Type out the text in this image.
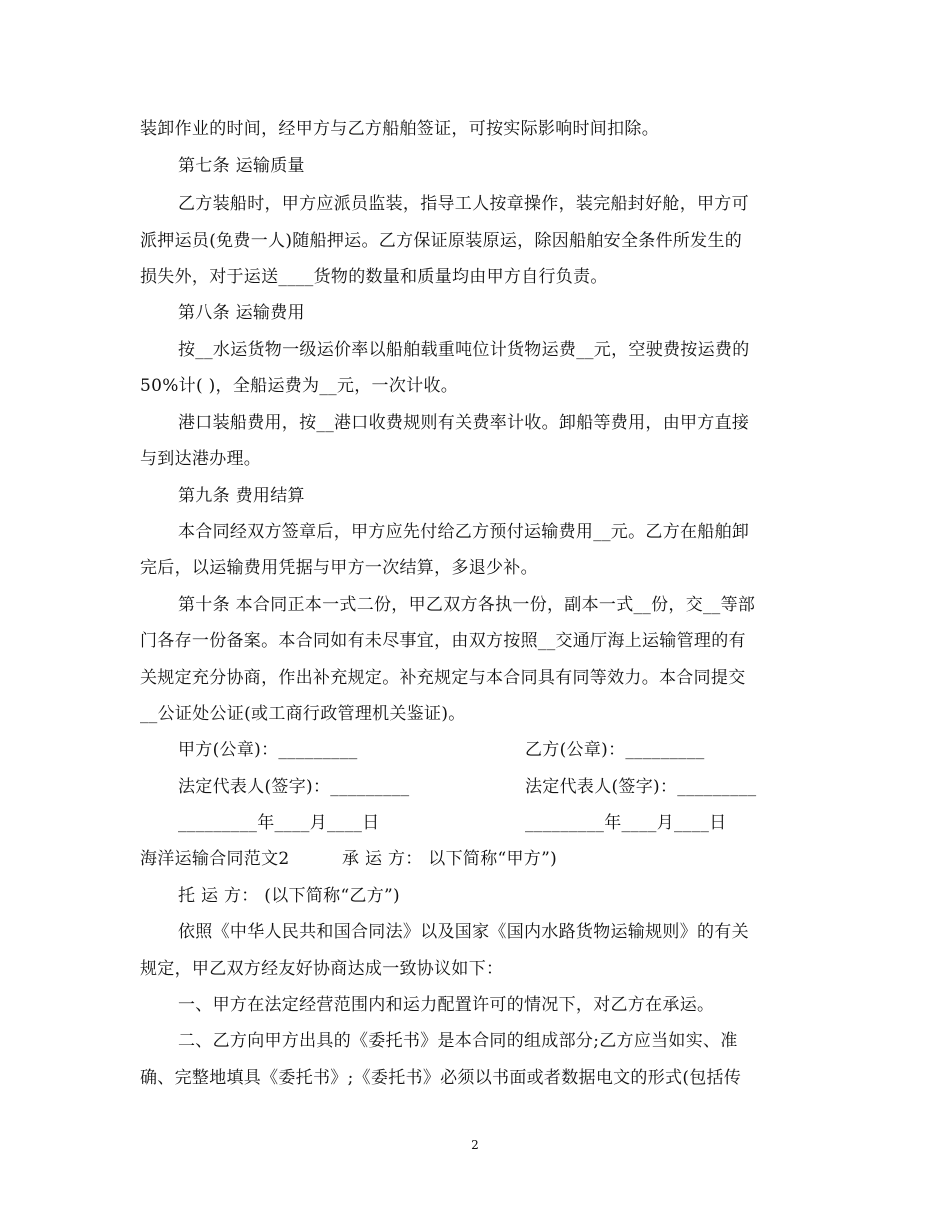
装卸作业的时间，经甲方与乙方船舶签证，可按实际影响时间扣除。
第七条 运输质量
乙方装船时，甲方应派员监装，指导工人按章操作，装完船封好舱，甲方可
派押运员(免费一人)随船押运。乙方保证原装原运，除因船舶安全条件所发生的
损失外，对于运送____货物的数量和质量均由甲方自行负责。
第八条 运输费用
按__水运货物一级运价率以船舶载重吨位计货物运费__元，空驶费按运费的
50%计( )，全船运费为__元，一次计收。
港口装船费用，按__港口收费规则有关费率计收。卸船等费用，由甲方直接
与到达港办理。
第九条 费用结算
本合同经双方签章后，甲方应先付给乙方预付运输费用__元。乙方在船舶卸
完后，以运输费用凭据与甲方一次结算，多退少补。
第十条 本合同正本一式二份，甲乙双方各执一份，副本一式__份，交__等部
门各存一份备案。本合同如有未尽事宜，由双方按照__交通厅海上运输管理的有
关规定充分协商，作出补充规定。补充规定与本合同具有同等效力。本合同提交
__公证处公证(或工商行政管理机关鉴证)。
甲方(公章)：_________	乙方(公章)：_________
法定代表人(签字)：_________	法定代表人(签字)：_________
_________年____月____日	_________年____月____日
海洋运输合同范文2	承 运 方： 以下简称“甲方”)
托 运 方： (以下简称“乙方”)
依照《中华人民共和国合同法》以及国家《国内水路货物运输规则》的有关
规定，甲乙双方经友好协商达成一致协议如下：
一、甲方在法定经营范围内和运力配置许可的情况下，对乙方在承运。
二、乙方向甲方出具的《委托书》是本合同的组成部分;乙方应当如实、准
确、完整地填具《委托书》;《委托书》必须以书面或者数据电文的形式(包括传
2
